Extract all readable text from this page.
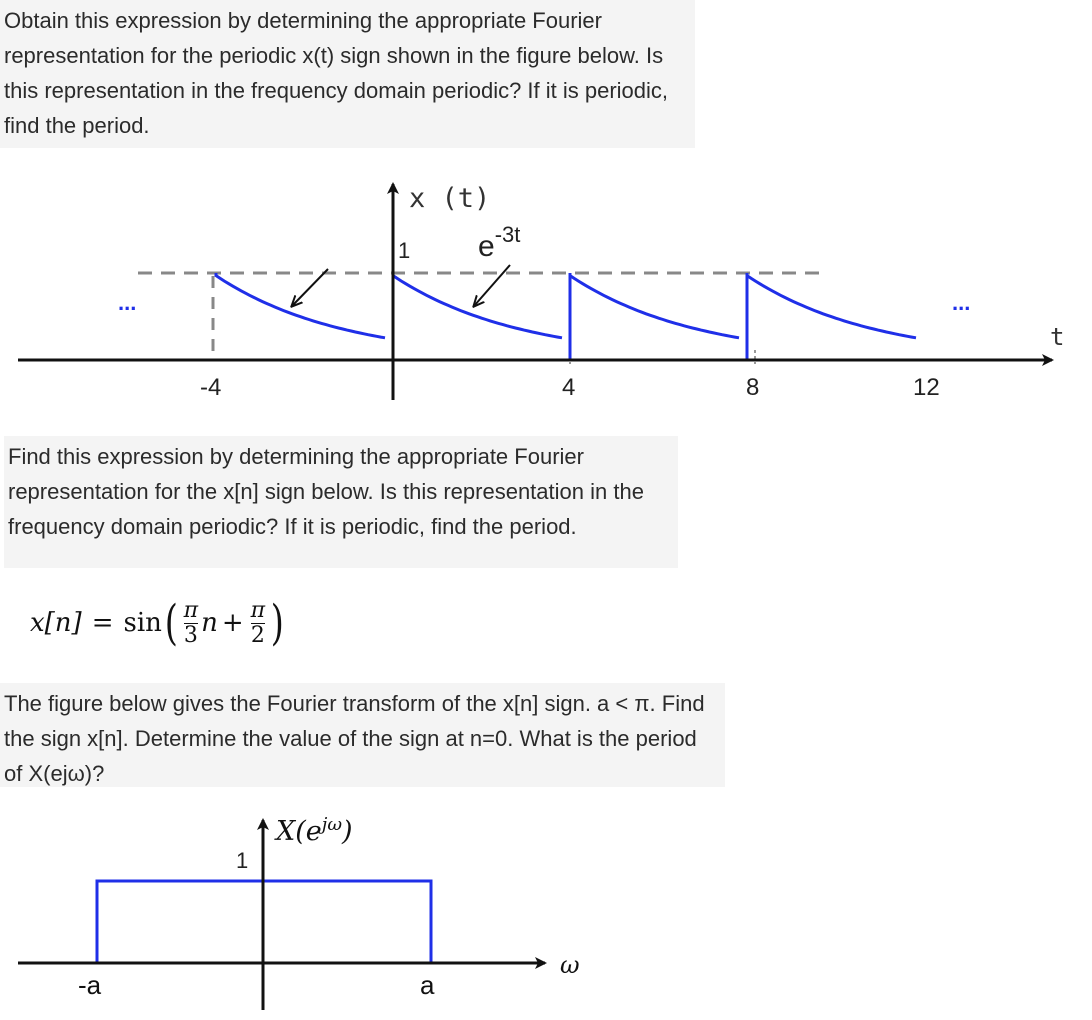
Obtain this expression by determining the appropriate Fourier
representation for the periodic x(t) sign shown in the figure below. Is
this representation in the frequency domain periodic? If it is periodic,
find the period.
x (t)
1 $e^{-3t}$
...	...
t
-4	4	8	12
Find this expression by determining the appropriate Fourier
representation for the x[n] sign below. Is this representation in the
frequency domain periodic? If it is periodic, find the period.
x[n] = sin ( $\frac{\pi}{3}$ $n + \frac{\pi}{2}$ )
The figure below gives the Fourier transform of the x[n] sign. a < π. Find
the sign x[n]. Determine the value of the sign at n=0. What is the period
of X(ejω)?
$X(e^{j\omega})$
1
ω
-a	a
